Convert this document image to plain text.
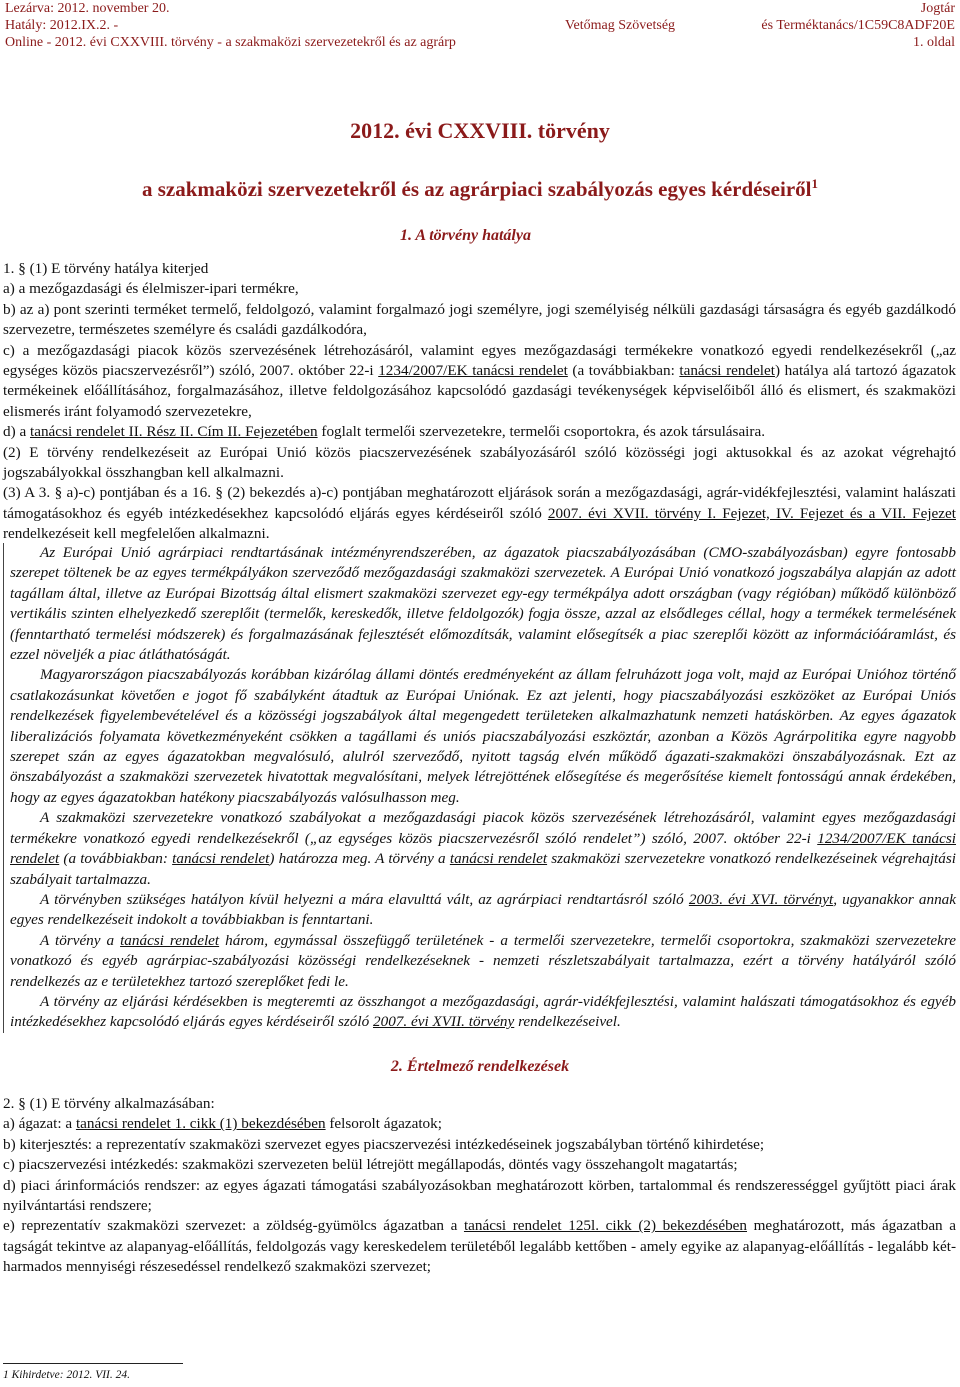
Lezárva: 2012. november 20.
Hatály: 2012.IX.2. -
Online - 2012. évi CXXVIII. törvény - a szakmaközi szervezetekről és az agrárp
Vetőmag Szövetség
Jogtár
és Terméktanács/1C59C8ADF20E
1. oldal
2012. évi CXXVIII. törvény
a szakmaközi szervezetekről és az agrárpiaci szabályozás egyes kérdéseiről$^1$
1. A törvény hatálya

1. § (1) E törvény hatálya kiterjed

a) a mezőgazdasági és élelmiszer-ipari termékre,

b) az a) pont szerinti terméket termelő, feldolgozó, valamint forgalmazó jogi személyre, jogi személyiség nélküli gazdasági társaságra és egyéb gazdálkodó szervezetre, természetes személyre és családi gazdálkodóra,

c) a mezőgazdasági piacok közös szervezésének létrehozásáról, valamint egyes mezőgazdasági termékekre vonatkozó egyedi rendelkezésekről („az egységes közös piacszervezésről”) szóló, 2007. október 22-i 1234/2007/EK tanácsi rendelet (a továbbiakban: tanácsi rendelet) hatálya alá tartozó ágazatok termékeinek előállításához, forgalmazásához, illetve feldolgozásához kapcsolódó gazdasági tevékenységek képviselőiből álló és elismert, és szakmaközi elismerés iránt folyamodó szervezetekre,

d) a tanácsi rendelet II. Rész II. Cím II. Fejezetében foglalt termelői szervezetekre, termelői csoportokra, és azok társulásaira.

(2) E törvény rendelkezéseit az Európai Unió közös piacszervezésének szabályozásáról szóló közösségi jogi aktusokkal és az azokat végrehajtó jogszabályokkal összhangban kell alkalmazni.

(3) A 3. § a)-c) pontjában és a 16. § (2) bekezdés a)-c) pontjában meghatározott eljárások során a mezőgazdasági, agrár-vidékfejlesztési, valamint halászati támogatásokhoz és egyéb intézkedésekhez kapcsolódó eljárás egyes kérdéseiről szóló 2007. évi XVII. törvény I. Fejezet, IV. Fejezet és a VII. Fejezet rendelkezéseit kell megfelelően alkalmazni.

Az Európai Unió agrárpiaci rendtartásának intézményrendszerében, az ágazatok piacszabályozásában (CMO-szabályozásban) egyre fontosabb szerepet töltenek be az egyes termékpályákon szerveződő mezőgazdasági szakmaközi szervezetek. A Európai Unió vonatkozó jogszabálya alapján az adott tagállam által, illetve az Európai Bizottság által elismert szakmaközi szervezet egy-egy termékpálya adott országban (vagy régióban) működő különböző vertikális szinten elhelyezkedő szereplőit (termelők, kereskedők, illetve feldolgozók) fogja össze, azzal az elsődleges céllal, hogy a termékek termelésének (fenntartható termelési módszerek) és forgalmazásának fejlesztését előmozdítsák, valamint elősegítsék a piac szereplői között az információáramlást, és ezzel növeljék a piac átláthatóságát.

Magyarországon piacszabályozás korábban kizárólag állami döntés eredményeként az állam felruházott joga volt, majd az Európai Unióhoz történő csatlakozásunkat követően e jogot fő szabályként átadtuk az Európai Uniónak. Ez azt jelenti, hogy piacszabályozási eszközöket az Európai Uniós rendelkezések figyelembevételével és a közösségi jogszabályok által megengedett területeken alkalmazhatunk nemzeti hatáskörben. Az egyes ágazatok liberalizációs folyamata következményeként csökken a tagállami és uniós piacszabályozási eszköztár, azonban a Közös Agrárpolitika egyre nagyobb szerepet szán az egyes ágazatokban megvalósuló, alulról szerveződő, nyitott tagság elvén működő ágazati-szakmaközi önszabályozásnak. Ezt az önszabályozást a szakmaközi szervezetek hivatottak megvalósítani, melyek létrejöttének elősegítése és megerősítése kiemelt fontosságú annak érdekében, hogy az egyes ágazatokban hatékony piacszabályozás valósulhasson meg.

A szakmaközi szervezetekre vonatkozó szabályokat a mezőgazdasági piacok közös szervezésének létrehozásáról, valamint egyes mezőgazdasági termékekre vonatkozó egyedi rendelkezésekről („az egységes közös piacszervezésről szóló rendelet”) szóló, 2007. október 22-i 1234/2007/EK tanácsi rendelet (a továbbiakban: tanácsi rendelet) határozza meg. A törvény a tanácsi rendelet szakmaközi szervezetekre vonatkozó rendelkezéseinek végrehajtási szabályait tartalmazza.

A törvényben szükséges hatályon kívül helyezni a mára elavulttá vált, az agrárpiaci rendtartásról szóló 2003. évi XVI. törvényt, ugyanakkor annak egyes rendelkezéseit indokolt a továbbiakban is fenntartani.

A törvény a tanácsi rendelet három, egymással összefüggő területének - a termelői szervezetekre, termelői csoportokra, szakmaközi szervezetekre vonatkozó és egyéb agrárpiac-szabályozási közösségi rendelkezéseknek - nemzeti részletszabályait tartalmazza, ezért a törvény hatályáról szóló rendelkezés az e területekhez tartozó szereplőket fedi le.

A törvény az eljárási kérdésekben is megteremti az összhangot a mezőgazdasági, agrár-vidékfejlesztési, valamint halászati támogatásokhoz és egyéb intézkedésekhez kapcsolódó eljárás egyes kérdéseiről szóló 2007. évi XVII. törvény rendelkezéseivel.

2. Értelmező rendelkezések

2. § (1) E törvény alkalmazásában:

a) ágazat: a tanácsi rendelet 1. cikk (1) bekezdésében felsorolt ágazatok;

b) kiterjesztés: a reprezentatív szakmaközi szervezet egyes piacszervezési intézkedéseinek jogszabályban történő kihirdetése;

c) piacszervezési intézkedés: szakmaközi szervezeten belül létrejött megállapodás, döntés vagy összehangolt magatartás;

d) piaci árinformációs rendszer: az egyes ágazati támogatási szabályozásokban meghatározott körben, tartalommal és rendszerességgel gyűjtött piaci árak nyilvántartási rendszere;

e) reprezentatív szakmaközi szervezet: a zöldség-gyümölcs ágazatban a tanácsi rendelet 125l. cikk (2) bekezdésében meghatározott, más ágazatban a tagságát tekintve az alapanyag-előállítás, feldolgozás vagy kereskedelem területéből legalább kettőben - amely egyike az alapanyag-előállítás - legalább kétharmados mennyiségi részesedéssel rendelkező szakmaközi szervezet;

1 Kihirdetve: 2012. VII. 24.
